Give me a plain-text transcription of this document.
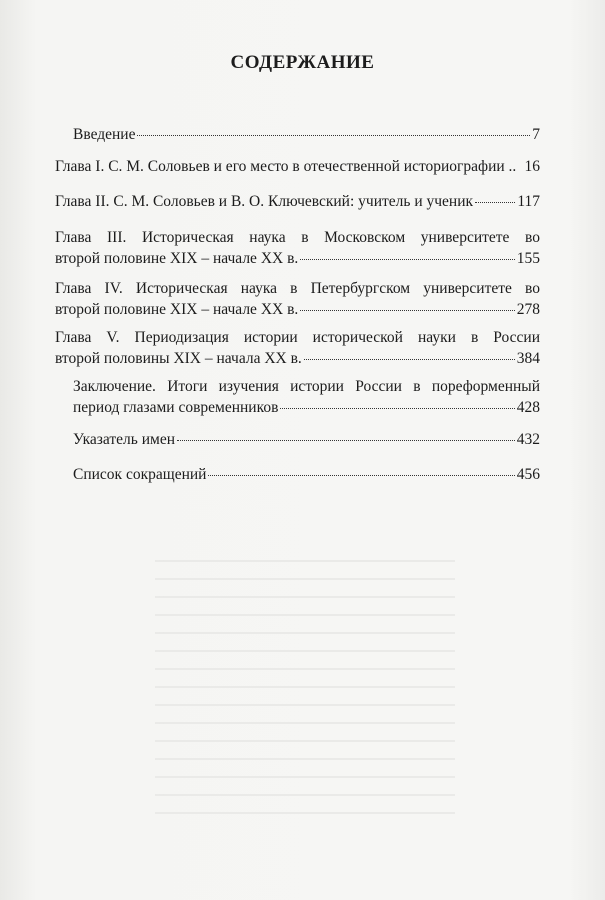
СОДЕРЖАНИЕ
Введение	7
Глава I. С. М. Соловьев и его место в отечественной историографии .. 16
Глава II. С. М. Соловьев и В. О. Ключевский: учитель и ученик	117
Глава III. Историческая наука в Московском университете во
второй половине XIX – начале XX в.	155
Глава IV. Историческая наука в Петербургском университете во
второй половине XIX – начале XX в.	278
Глава V. Периодизация истории исторической науки в России
второй половины XIX – начала XX в.	384
Заключение. Итоги изучения истории России в пореформенный
период глазами современников	428
Указатель имен	432
Список сокращений	456
